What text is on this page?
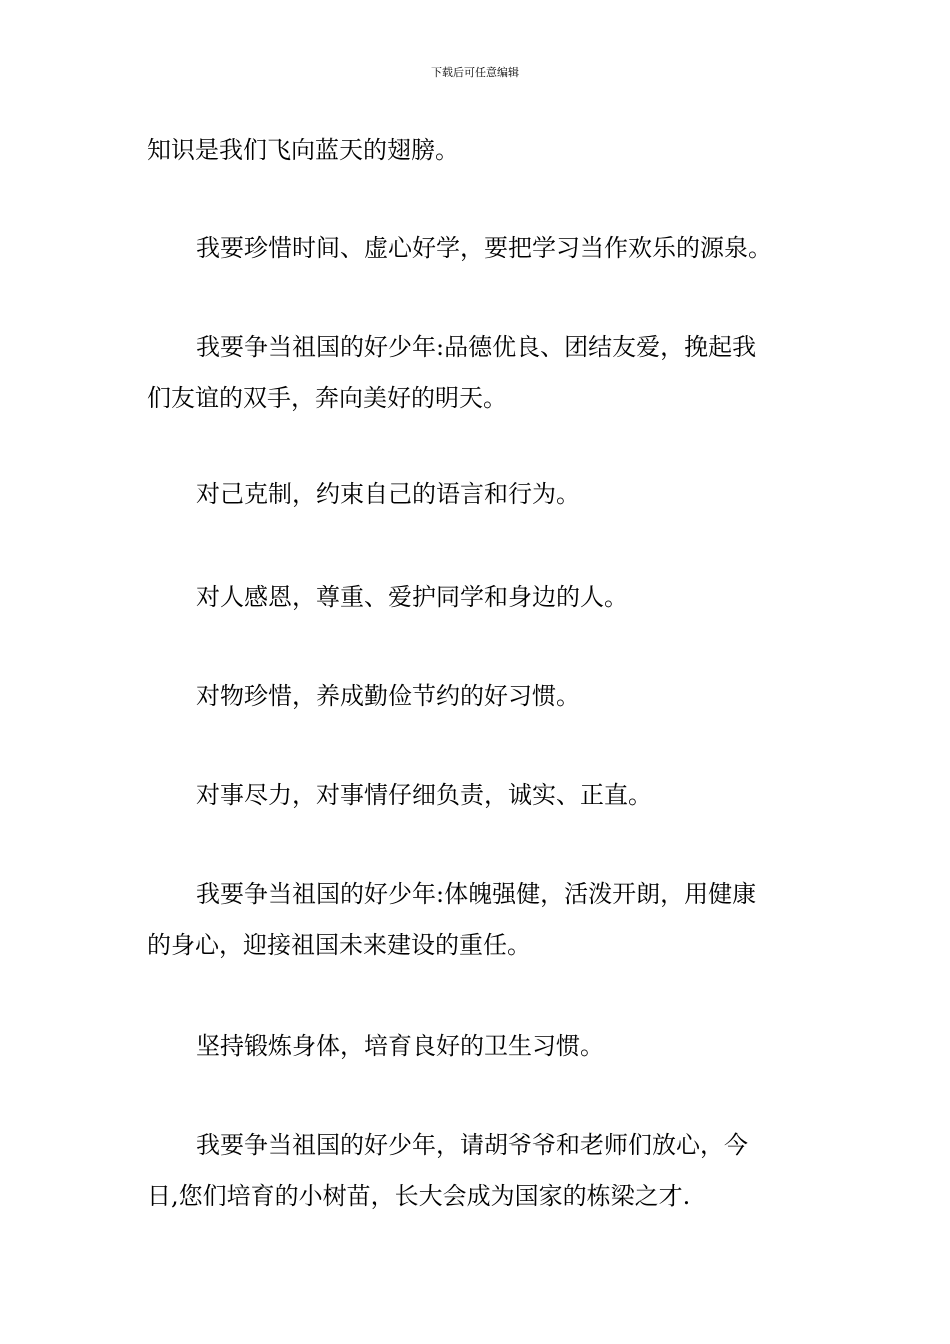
下载后可任意编辑
知识是我们飞向蓝天的翅膀。
我要珍惜时间、虚心好学，要把学习当作欢乐的源泉。
我要争当祖国的好少年:品德优良、团结友爱，挽起我
们友谊的双手，奔向美好的明天。
对己克制，约束自己的语言和行为。
对人感恩，尊重、爱护同学和身边的人。
对物珍惜，养成勤俭节约的好习惯。
对事尽力，对事情仔细负责，诚实、正直。
我要争当祖国的好少年:体魄强健，活泼开朗，用健康
的身心，迎接祖国未来建设的重任。
坚持锻炼身体，培育良好的卫生习惯。
我要争当祖国的好少年，请胡爷爷和老师们放心，今
日,您们培育的小树苗，长大会成为国家的栋梁之才.
